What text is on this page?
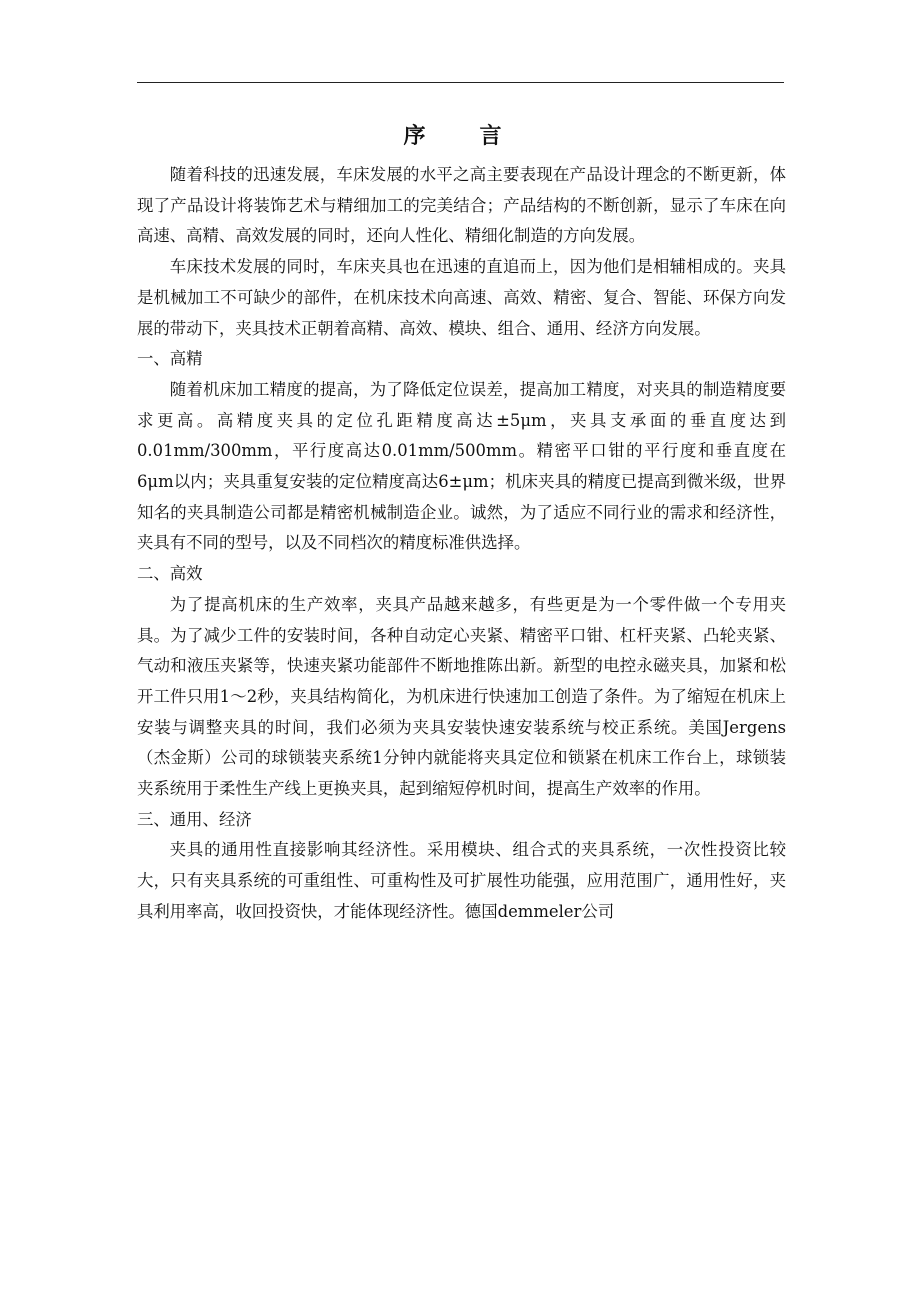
序　言

随着科技的迅速发展，车床发展的水平之高主要表现在产品设计理念的不断更新，体现了产品设计将装饰艺术与精细加工的完美结合；产品结构的不断创新，显示了车床在向高速、高精、高效发展的同时，还向人性化、精细化制造的方向发展。

车床技术发展的同时，车床夹具也在迅速的直追而上，因为他们是相辅相成的。夹具是机械加工不可缺少的部件，在机床技术向高速、高效、精密、复合、智能、环保方向发展的带动下，夹具技术正朝着高精、高效、模块、组合、通用、经济方向发展。

一、高精

随着机床加工精度的提高，为了降低定位误差，提高加工精度，对夹具的制造精度要求更高。高精度夹具的定位孔距精度高达±5μm，夹具支承面的垂直度达到0.01mm/300mm，平行度高达0.01mm/500mm。精密平口钳的平行度和垂直度在6μm以内；夹具重复安装的定位精度高达6±μm；机床夹具的精度已提高到微米级，世界知名的夹具制造公司都是精密机械制造企业。诚然，为了适应不同行业的需求和经济性，夹具有不同的型号，以及不同档次的精度标准供选择。

二、高效

为了提高机床的生产效率，夹具产品越来越多，有些更是为一个零件做一个专用夹具。为了减少工件的安装时间，各种自动定心夹紧、精密平口钳、杠杆夹紧、凸轮夹紧、气动和液压夹紧等，快速夹紧功能部件不断地推陈出新。新型的电控永磁夹具，加紧和松开工件只用1～2秒，夹具结构简化，为机床进行快速加工创造了条件。为了缩短在机床上安装与调整夹具的时间，我们必须为夹具安装快速安装系统与校正系统。美国Jergens（杰金斯）公司的球锁装夹系统1分钟内就能将夹具定位和锁紧在机床工作台上，球锁装夹系统用于柔性生产线上更换夹具，起到缩短停机时间，提高生产效率的作用。

三、通用、经济

夹具的通用性直接影响其经济性。采用模块、组合式的夹具系统，一次性投资比较大，只有夹具系统的可重组性、可重构性及可扩展性功能强，应用范围广，通用性好，夹具利用率高，收回投资快，才能体现经济性。德国demmeler公司
